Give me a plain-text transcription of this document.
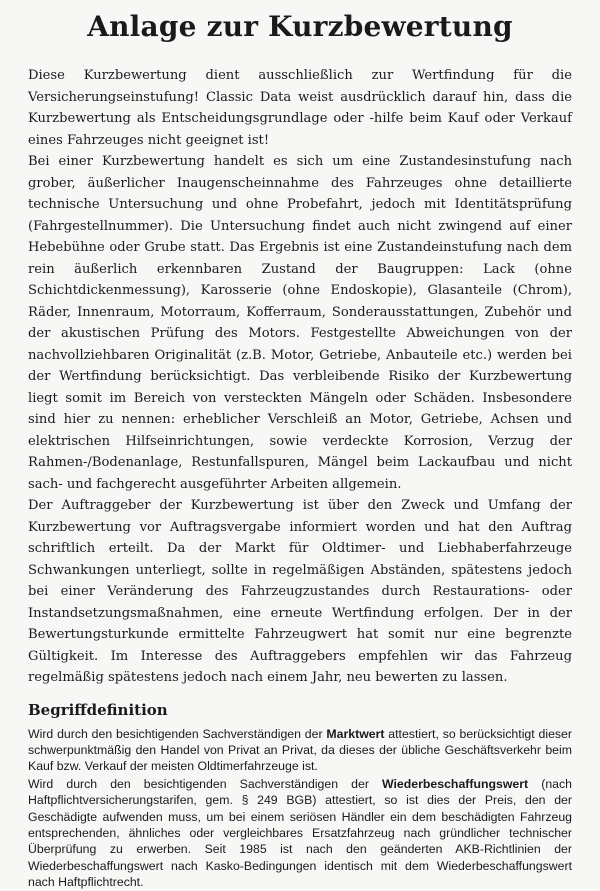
Anlage zur Kurzbewertung

Diese Kurzbewertung dient ausschließlich zur Wertfindung für die Versicherungseinstufung! Classic Data weist ausdrücklich darauf hin, dass die Kurzbewertung als Entscheidungsgrundlage oder -hilfe beim Kauf oder Verkauf eines Fahrzeuges nicht geeignet ist!

Bei einer Kurzbewertung handelt es sich um eine Zustandesinstufung nach grober, äußerlicher Inaugenscheinnahme des Fahrzeuges ohne detaillierte technische Untersuchung und ohne Probefahrt, jedoch mit Identitätsprüfung (Fahrgestellnummer). Die Untersuchung findet auch nicht zwingend auf einer Hebebühne oder Grube statt. Das Ergebnis ist eine Zustandeinstufung nach dem rein äußerlich erkennbaren Zustand der Baugruppen: Lack (ohne Schichtdickenmessung), Karosserie (ohne Endoskopie), Glasanteile (Chrom), Räder, Innenraum, Motorraum, Kofferraum, Sonderausstattungen, Zubehör und der akustischen Prüfung des Motors. Festgestellte Abweichungen von der nachvollziehbaren Originalität (z.B. Motor, Getriebe, Anbauteile etc.) werden bei der Wertfindung berücksichtigt. Das verbleibende Risiko der Kurzbewertung liegt somit im Bereich von versteckten Mängeln oder Schäden. Insbesondere sind hier zu nennen: erheblicher Verschleiß an Motor, Getriebe, Achsen und elektrischen Hilfseinrichtungen, sowie verdeckte Korrosion, Verzug der Rahmen-/Bodenanlage, Restunfallspuren, Mängel beim Lackaufbau und nicht sach- und fachgerecht ausgeführter Arbeiten allgemein.

Der Auftraggeber der Kurzbewertung ist über den Zweck und Umfang der Kurzbewertung vor Auftragsvergabe informiert worden und hat den Auftrag schriftlich erteilt. Da der Markt für Oldtimer- und Liebhaberfahrzeuge Schwankungen unterliegt, sollte in regelmäßigen Abständen, spätestens jedoch bei einer Veränderung des Fahrzeugzustandes durch Restaurations- oder Instandsetzungsmaßnahmen, eine erneute Wertfindung erfolgen. Der in der Bewertungsturkunde ermittelte Fahrzeugwert hat somit nur eine begrenzte Gültigkeit. Im Interesse des Auftraggebers empfehlen wir das Fahrzeug regelmäßig spätestens jedoch nach einem Jahr, neu bewerten zu lassen.

Begriffdefinition

Wird durch den besichtigenden Sachverständigen der Marktwert attestiert, so berücksichtigt dieser schwerpunktmäßig den Handel von Privat an Privat, da dieses der übliche Geschäftsverkehr beim Kauf bzw. Verkauf der meisten Oldtimerfahrzeuge ist.

Wird durch den besichtigenden Sachverständigen der Wiederbeschaffungswert (nach Haftpflichtversicherungstarifen, gem. § 249 BGB) attestiert, so ist dies der Preis, den der Geschädigte aufwenden muss, um bei einem seriösen Händler ein dem beschädigten Fahrzeug entsprechenden, ähnliches oder vergleichbares Ersatzfahrzeug nach gründlicher technischer Überprüfung zu erwerben. Seit 1985 ist nach den geänderten AKB-Richtlinien der Wiederbeschaffungswert nach Kasko-Bedingungen identisch mit dem Wiederbeschaffungswert nach Haftpflichtrecht.
